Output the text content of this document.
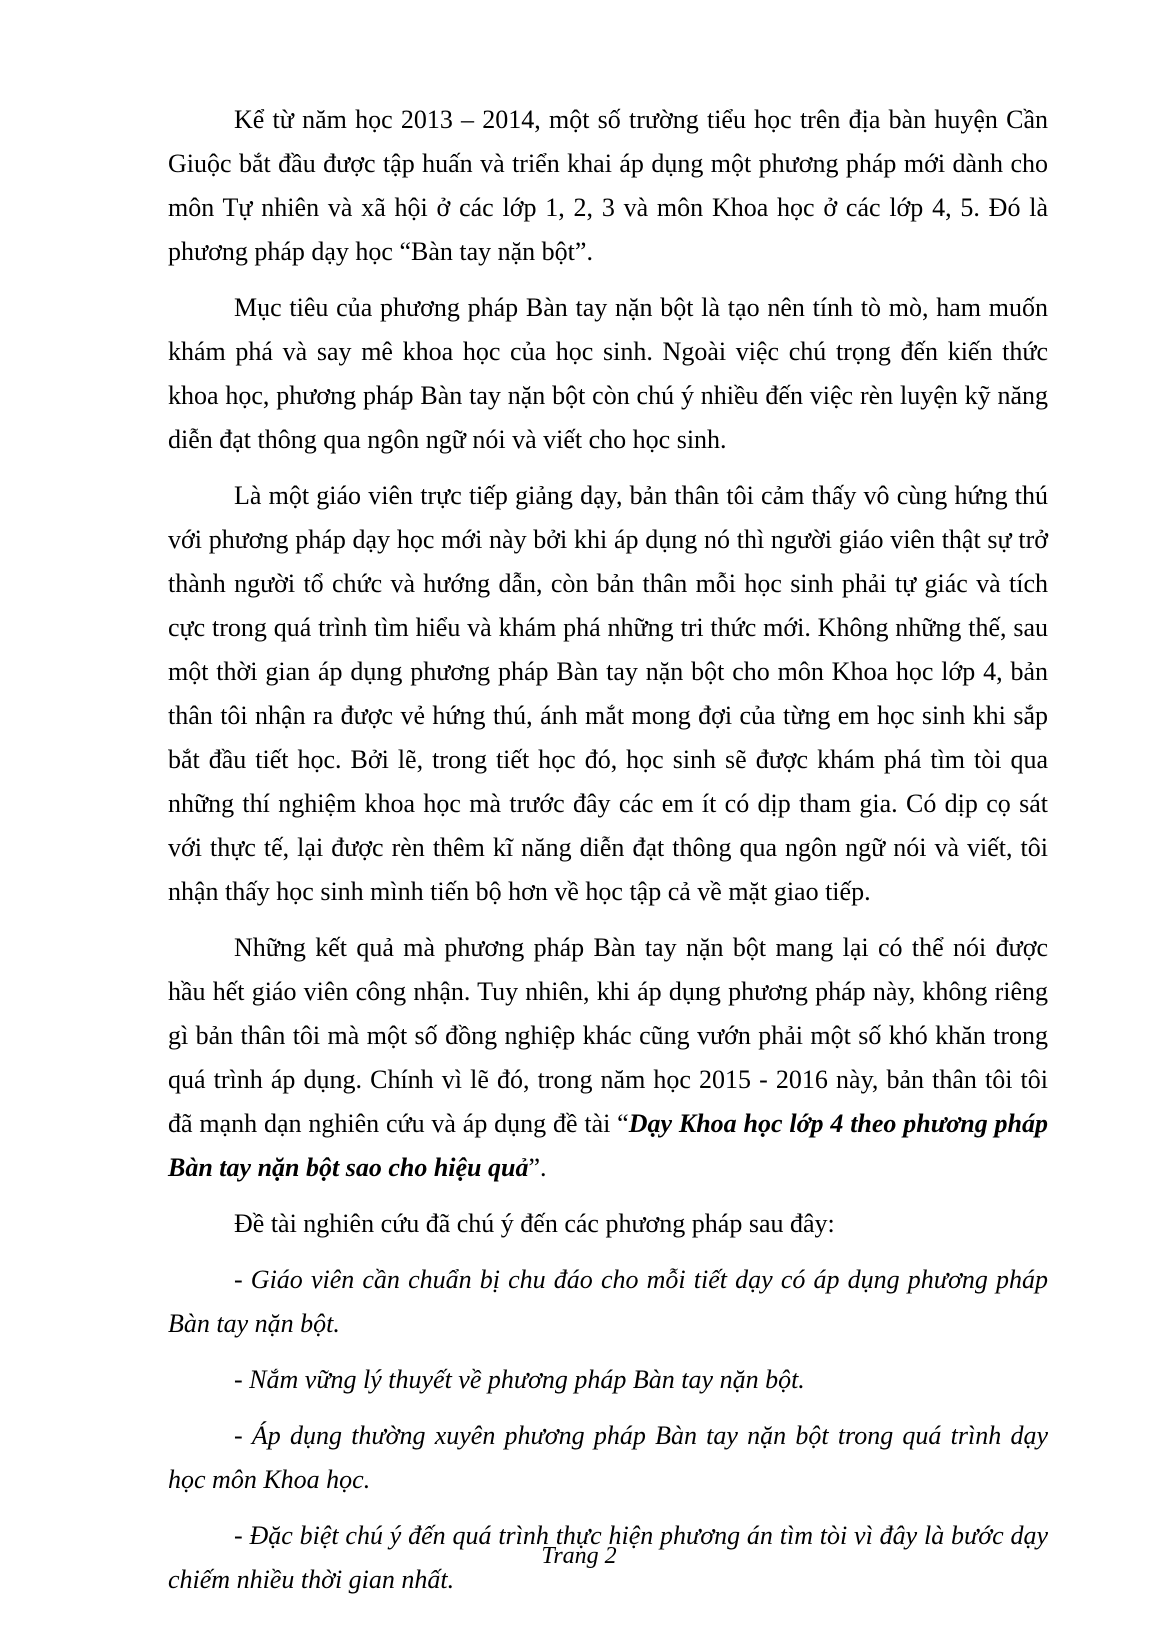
Kể từ năm học 2013 – 2014, một số trường tiểu học trên địa bàn huyện Cần Giuộc bắt đầu được tập huấn và triển khai áp dụng một phương pháp mới dành cho môn Tự nhiên và xã hội ở các lớp 1, 2, 3 và môn Khoa học ở các lớp 4, 5. Đó là phương pháp dạy học “Bàn tay nặn bột”.

Mục tiêu của phương pháp Bàn tay nặn bột là tạo nên tính tò mò, ham muốn khám phá và say mê khoa học của học sinh. Ngoài việc chú trọng đến kiến thức khoa học, phương pháp Bàn tay nặn bột còn chú ý nhiều đến việc rèn luyện kỹ năng diễn đạt thông qua ngôn ngữ nói và viết cho học sinh.

Là một giáo viên trực tiếp giảng dạy, bản thân tôi cảm thấy vô cùng hứng thú với phương pháp dạy học mới này bởi khi áp dụng nó thì người giáo viên thật sự trở thành người tổ chức và hướng dẫn, còn bản thân mỗi học sinh phải tự giác và tích cực trong quá trình tìm hiểu và khám phá những tri thức mới. Không những thế, sau một thời gian áp dụng phương pháp Bàn tay nặn bột cho môn Khoa học lớp 4, bản thân tôi nhận ra được vẻ hứng thú, ánh mắt mong đợi của từng em học sinh khi sắp bắt đầu tiết học. Bởi lẽ, trong tiết học đó, học sinh sẽ được khám phá tìm tòi qua những thí nghiệm khoa học mà trước đây các em ít có dịp tham gia. Có dịp cọ sát với thực tế, lại được rèn thêm kĩ năng diễn đạt thông qua ngôn ngữ nói và viết, tôi nhận thấy học sinh mình tiến bộ hơn về học tập cả về mặt giao tiếp.

Những kết quả mà phương pháp Bàn tay nặn bột mang lại có thể nói được hầu hết giáo viên công nhận. Tuy nhiên, khi áp dụng phương pháp này, không riêng gì bản thân tôi mà một số đồng nghiệp khác cũng vướn phải một số khó khăn trong quá trình áp dụng. Chính vì lẽ đó, trong năm học 2015 - 2016 này, bản thân tôi tôi đã mạnh dạn nghiên cứu và áp dụng đề tài “Dạy Khoa học lớp 4 theo phương pháp Bàn tay nặn bột sao cho hiệu quả”.

Đề tài nghiên cứu đã chú ý đến các phương pháp sau đây:

- Giáo viên cần chuẩn bị chu đáo cho mỗi tiết dạy có áp dụng phương pháp Bàn tay nặn bột.

- Nắm vững lý thuyết về phương pháp Bàn tay nặn bột.

- Áp dụng thường xuyên phương pháp Bàn tay nặn bột trong quá trình dạy học môn Khoa học.

- Đặc biệt chú ý đến quá trình thực hiện phương án tìm tòi vì đây là bước dạy chiếm nhiều thời gian nhất.

Trang 2
